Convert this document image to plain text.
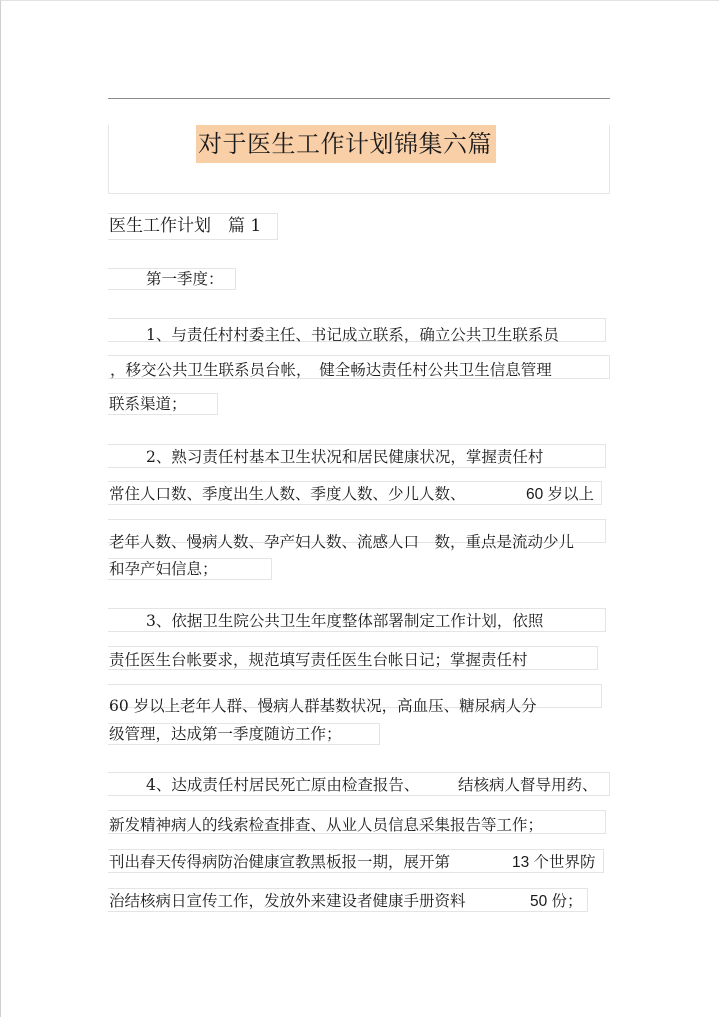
对于医生工作计划锦集六篇
医生工作计划　篇 1
第一季度：
1、与责任村村委主任、书记成立联系，确立公共卫生联系员
，移交公共卫生联系员台帐，　健全畅达责任村公共卫生信息管理
联系渠道；
2、熟习责任村基本卫生状况和居民健康状况，掌握责任村
常住人口数、季度出生人数、季度人数、少儿人数、	60 岁以上
老年人数、慢病人数、孕产妇人数、流感人口　数，重点是流动少儿
和孕产妇信息；
3、依据卫生院公共卫生年度整体部署制定工作计划，依照
责任医生台帐要求，规范填写责任医生台帐日记；掌握责任村
60 岁以上老年人群、慢病人群基数状况，高血压、糖尿病人分
级管理，达成第一季度随访工作；
4、达成责任村居民死亡原由检查报告、 结核病人督导用药、
新发精神病人的线索检查排查、从业人员信息采集报告等工作；
刊出春天传得病防治健康宣教黑板报一期，展开第	13 个世界防
治结核病日宣传工作，发放外来建设者健康手册资料	50 份；
